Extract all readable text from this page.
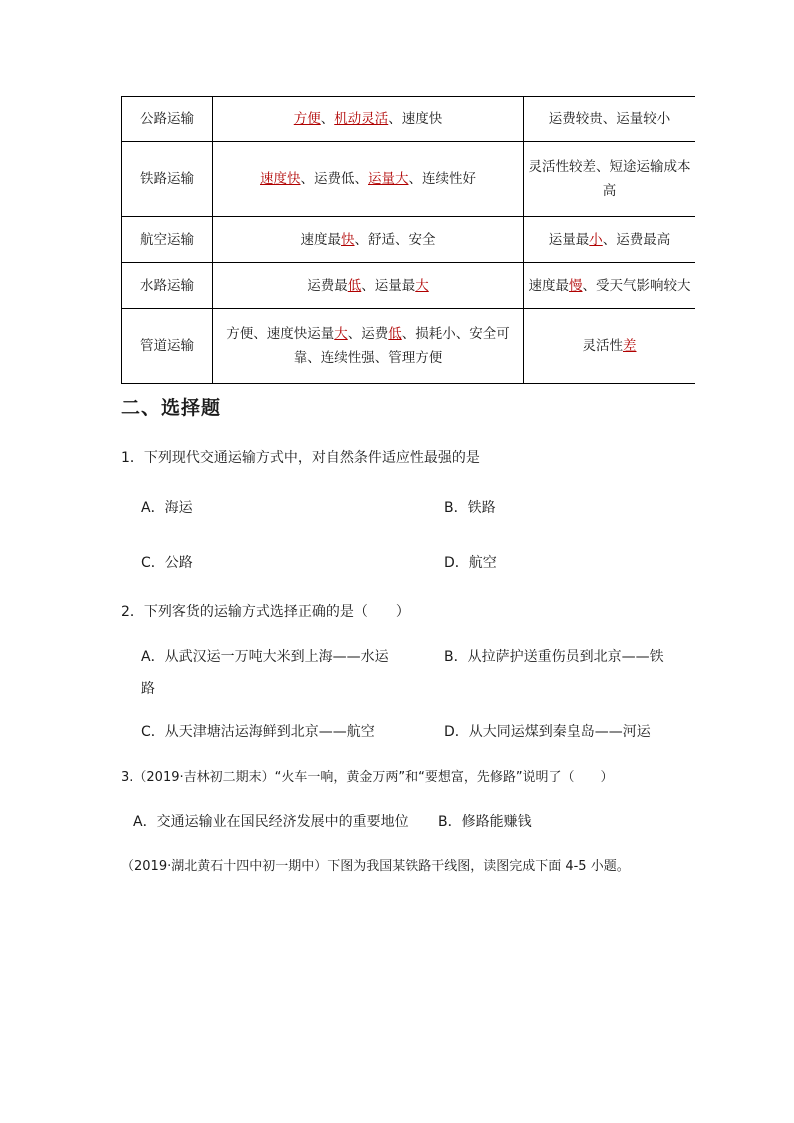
公路运输	方便、机动灵活、速度快	运费较贵、运量较小
铁路运输	速度快、运费低、运量大、连续性好	灵活性较差、短途运输成本高
航空运输	速度最快、舒适、安全	运量最小、运费最高
水路运输	运费最低、运量最大	速度最慢、受天气影响较大
管道运输	方便、速度快运量大、运费低、损耗小、安全可靠、连续性强、管理方便	灵活性差
二、选择题
1．下列现代交通运输方式中，对自然条件适应性最强的是
A．海运	B．铁路
C．公路	D．航空
2．下列客货的运输方式选择正确的是（　　）
A．从武汉运一万吨大米到上海——水运	B．从拉萨护送重伤员到北京——铁
路
C．从天津塘沽运海鲜到北京——航空	D．从大同运煤到秦皇岛——河运
3.（2019·吉林初二期末）“火车一响，黄金万两”和“要想富，先修路”说明了（　　）
A．交通运输业在国民经济发展中的重要地位 B．修路能赚钱
（2019·湖北黄石十四中初一期中）下图为我国某铁路干线图，读图完成下面 4-5 小题。
